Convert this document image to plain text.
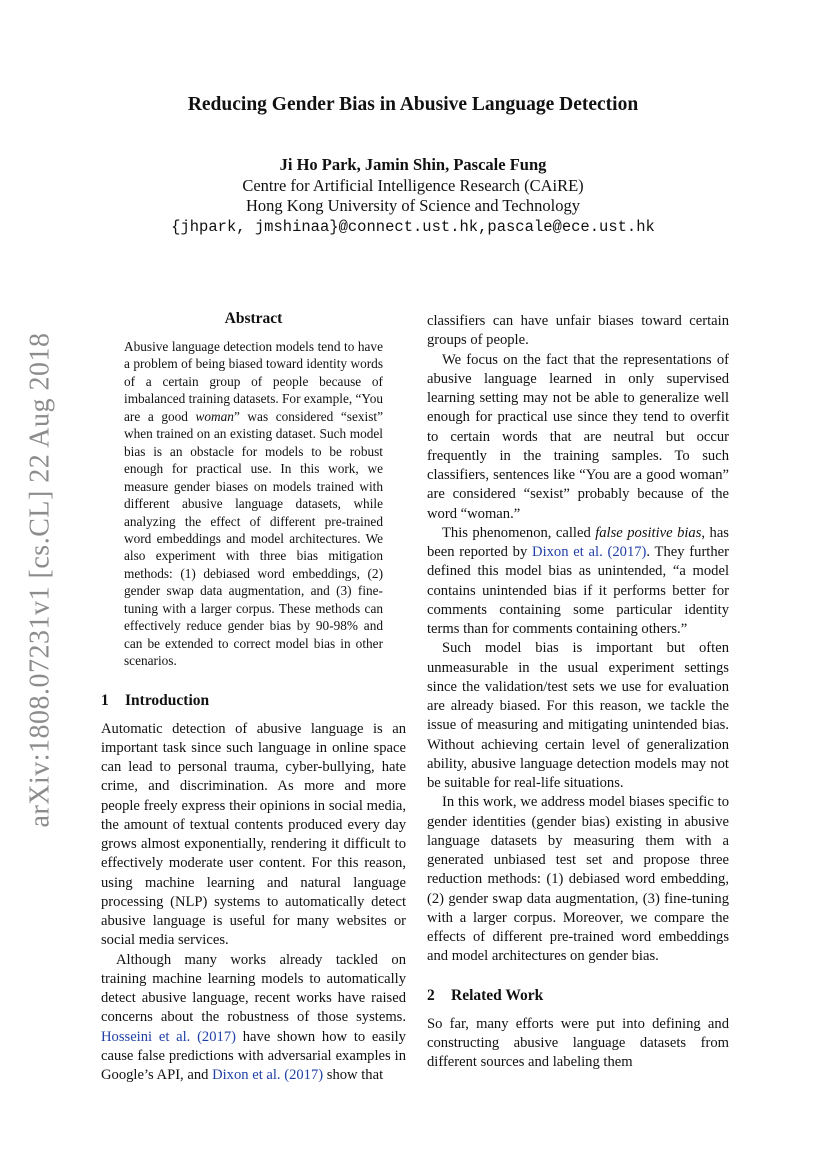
arXiv:1808.07231v1 [cs.CL] 22 Aug 2018
Reducing Gender Bias in Abusive Language Detection
Ji Ho Park, Jamin Shin, Pascale Fung
Centre for Artificial Intelligence Research (CAiRE)
Hong Kong University of Science and Technology
{jhpark, jmshinaa}@connect.ust.hk,pascale@ece.ust.hk
Abstract

Abusive language detection models tend to have a problem of being biased toward identity words of a certain group of people because of imbalanced training datasets. For example, “You are a good woman” was considered “sexist” when trained on an existing dataset. Such model bias is an obstacle for models to be robust enough for practical use. In this work, we measure gender biases on models trained with different abusive language datasets, while analyzing the effect of different pre-trained word embeddings and model architectures. We also experiment with three bias mitigation methods: (1) debiased word embeddings, (2) gender swap data augmentation, and (3) fine-tuning with a larger corpus. These methods can effectively reduce gender bias by 90-98% and can be extended to correct model bias in other scenarios.

1	Introduction

Automatic detection of abusive language is an important task since such language in online space can lead to personal trauma, cyber-bullying, hate crime, and discrimination. As more and more people freely express their opinions in social media, the amount of textual contents produced every day grows almost exponentially, rendering it difficult to effectively moderate user content. For this reason, using machine learning and natural language processing (NLP) systems to automatically detect abusive language is useful for many websites or social media services.

Although many works already tackled on training machine learning models to automatically detect abusive language, recent works have raised concerns about the robustness of those systems. Hosseini et al. (2017) have shown how to easily cause false predictions with adversarial examples in Google’s API, and Dixon et al. (2017) show that

classifiers can have unfair biases toward certain groups of people.

We focus on the fact that the representations of abusive language learned in only supervised learning setting may not be able to generalize well enough for practical use since they tend to overfit to certain words that are neutral but occur frequently in the training samples. To such classifiers, sentences like “You are a good woman” are considered “sexist” probably because of the word “woman.”

This phenomenon, called false positive bias, has been reported by Dixon et al. (2017). They further defined this model bias as unintended, “a model contains unintended bias if it performs better for comments containing some particular identity terms than for comments containing others.”

Such model bias is important but often unmeasurable in the usual experiment settings since the validation/test sets we use for evaluation are already biased. For this reason, we tackle the issue of measuring and mitigating unintended bias. Without achieving certain level of generalization ability, abusive language detection models may not be suitable for real-life situations.

In this work, we address model biases specific to gender identities (gender bias) existing in abusive language datasets by measuring them with a generated unbiased test set and propose three reduction methods: (1) debiased word embedding, (2) gender swap data augmentation, (3) fine-tuning with a larger corpus. Moreover, we compare the effects of different pre-trained word embeddings and model architectures on gender bias.

2	Related Work

So far, many efforts were put into defining and constructing abusive language datasets from different sources and labeling them
